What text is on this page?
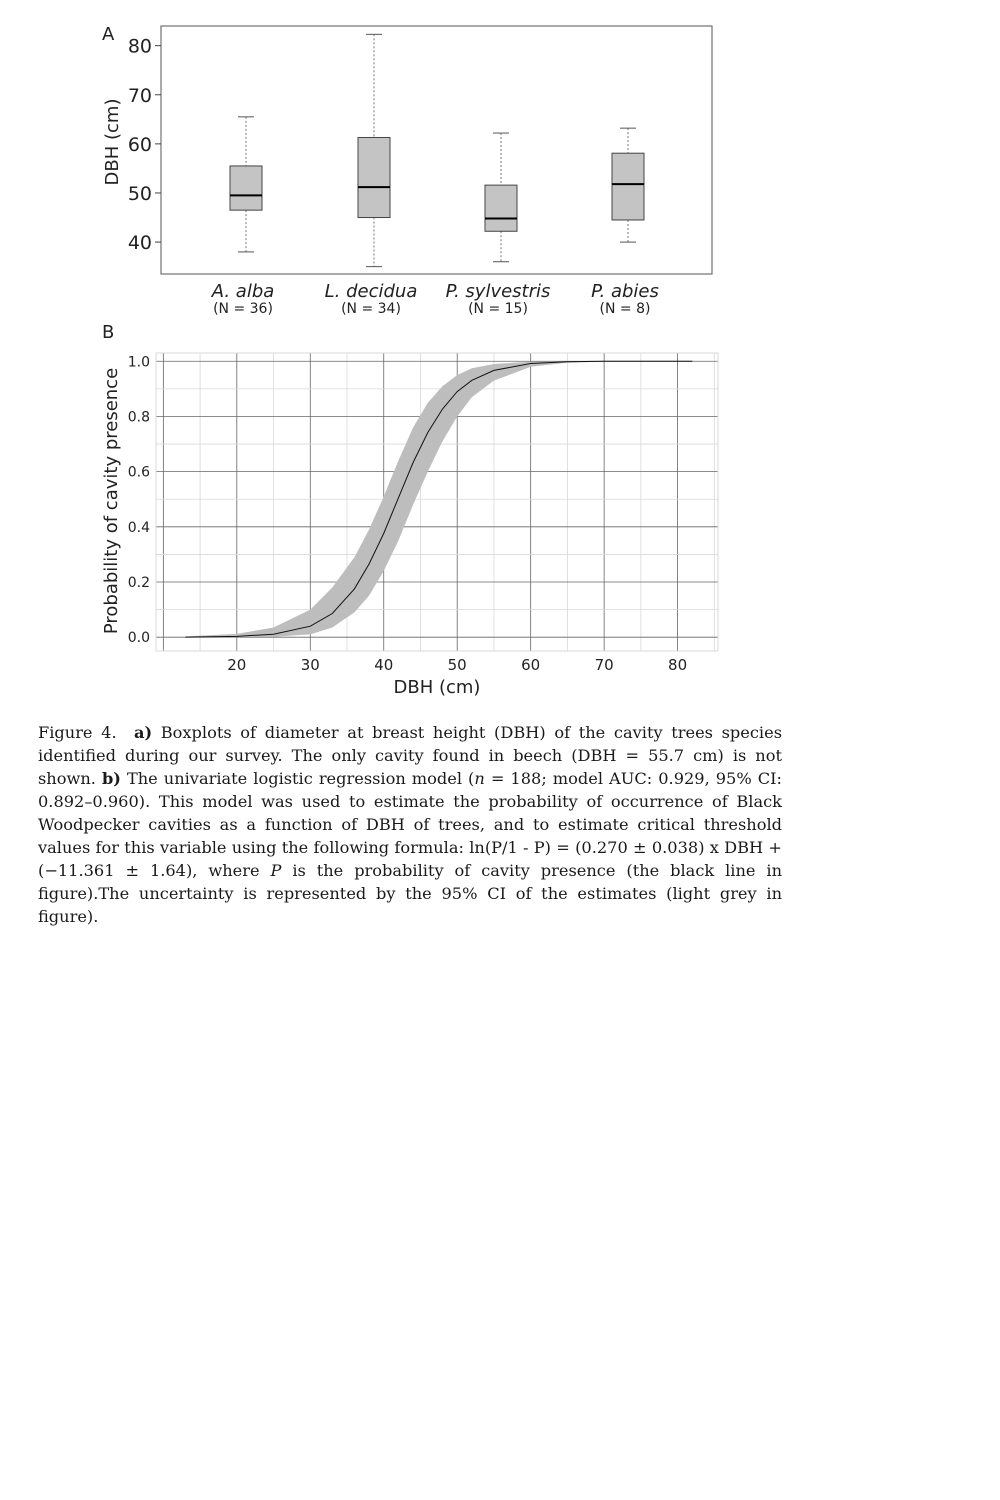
A
DBH (cm)
40
50
60
70
80
A. alba
(N = 36)
L. decidua
(N = 34)
P. sylvestris
(N = 15)
P. abies
(N = 8)
B
Probability of cavity presence
0.0
0.2
0.4
0.6
0.8
1.0
20	30	40	50	60	70	80
DBH (cm)

Figure 4. a) Boxplots of diameter at breast height (DBH) of the cavity trees species identified during our survey. The only cavity found in beech (DBH = 55.7 cm) is not shown. b) The univariate logistic regression model (n = 188; model AUC: 0.929, 95% CI: 0.892–0.960). This model was used to estimate the probability of occurrence of Black Woodpecker cavities as a function of DBH of trees, and to estimate critical threshold values for this variable using the following formula: ln(P/1 - P) = (0.270 ± 0.038) x DBH + (−11.361 ± 1.64), where P is the probability of cavity presence (the black line in figure).The uncertainty is represented by the 95% CI of the estimates (light grey in figure).
